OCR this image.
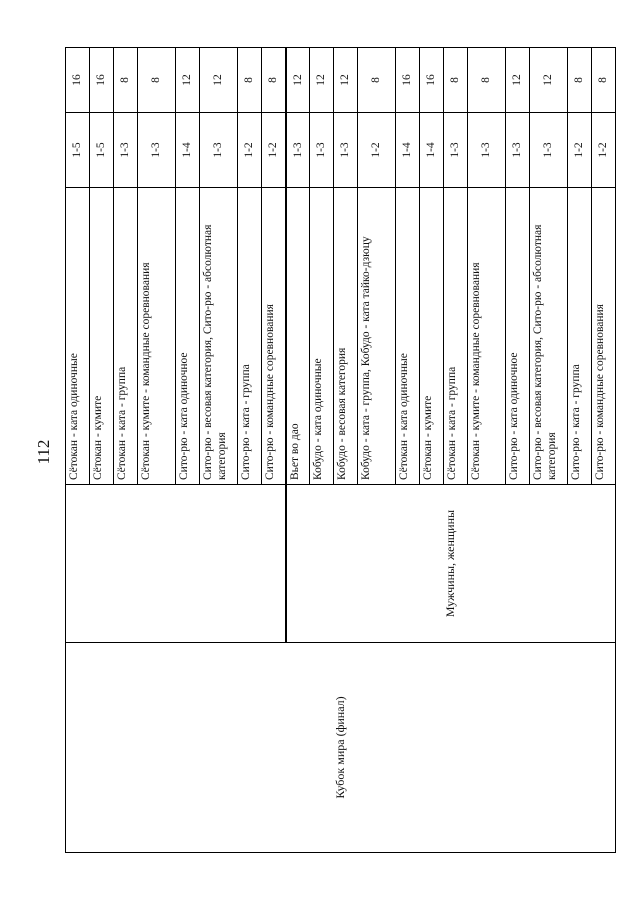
112
Кубок мира (финал)		Сётокан - ката одиночные	1-5	16
		Сётокан - кумите	1-5	16
		Сётокан - ката - группа	1-3	8
		Сётокан - кумите - командные соревнования	1-3	8
		Сито-рю - ката одиночное	1-4	12
		Сито-рю - весовая категория, Сито-рю - абсолютная категория	1-3	12
		Сито-рю - ката - группа	1-2	8
		Сито-рю - командные соревнования	1-2	8
	Мужчины, женщины	Вьет во дао	1-3	12
		Кобудо - ката одиночные	1-3	12
		Кобудо - весовая категория	1-3	12
		Кобудо - ката - группа, Кобудо - ката тайко-дзюцу	1-2	8
		Сётокан - ката одиночные	1-4	16
		Сётокан - кумите	1-4	16
		Сётокан - ката - группа	1-3	8
		Сётокан - кумите - командные соревнования	1-3	8
		Сито-рю - ката одиночное	1-3	12
		Сито-рю - весовая категория, Сито-рю - абсолютная категория	1-3	12
		Сито-рю - ката - группа	1-2	8
		Сито-рю - командные соревнования	1-2	8
